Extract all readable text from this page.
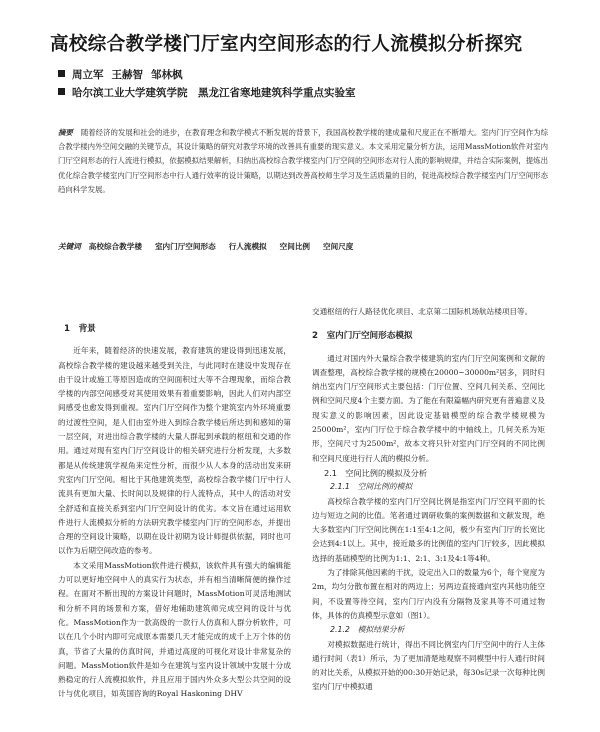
高校综合教学楼门厅室内空间形态的行人流模拟分析探究
周立军 王赫智 邹林枫
哈尔滨工业大学建筑学院　黑龙江省寒地建筑科学重点实验室
摘要 随着经济的发展和社会的进步，在教育理念和教学模式不断发展的背景下，我国高校教学楼的建成量和尺度正在不断增大。室内门厅空间作为综合教学楼内外空间交融的关键节点，其设计策略的研究对教学环境的改善具有重要的现实意义。本文采用定量分析方法，运用MassMotion软件对室内门厅空间形态的行人流进行模拟，依据模拟结果解析，归纳出高校综合教学楼室内门厅空间的空间形态对行人流的影响规律，并结合实际案例，提炼出优化综合教学楼室内门厅空间形态中行人通行效率的设计策略，以期达到改善高校师生学习及生活质量的目的，促进高校综合教学楼室内门厅空间形态趋向科学发展。
关键词 高校综合教学楼 室内门厅空间形态 行人流模拟 空间比例 空间尺度
1　背景

近年来，随着经济的快速发展，教育建筑的建设得到迅速发展，高校综合教学楼的建设越来越受到关注，与此同时在建设中发现存在由于设计或施工等原因造成的空间面积过大等不合理现象，而综合教学楼的内部空间感受对其使用效果有着重要影响，因此人们对内部空间感受也愈发得到重视。室内门厅空间作为整个建筑室内外环境重要的过渡性空间，是人们由室外进入到综合教学楼后所达到和感知的第一层空间，对进出综合教学楼的大量人群起到承载的枢纽和交通的作用。通过对现有室内门厅空间设计的相关研究进行分析发现，大多数都是从传统建筑学视角来定性分析，而很少从人本身的活动出发来研究室内门厅空间。相比于其他建筑类型，高校综合教学楼门厅中行人流具有更加大量、长时间以及规律的行人流特点，其中人的活动对安全舒适和直接关系到室内门厅空间设计的优劣。本文旨在通过运用软件进行人流模拟分析的方法研究教学楼室内门厅的空间形态，并提出合理的空间设计策略，以期在设计初期为设计师提供依据，同时也可以作为后期空间改造的参考。

本文采用MassMotion软件进行模拟，该软件具有强大的编辑能力可以更好地空间中人的真实行为状态，并有相当清晰简便的操作过程。在面对不断出现的方案设计问题时，MassMotion可灵活地测试和分析不同的场景和方案，借好地辅助建筑师完成空间的设计与优化。MassMotion作为一款高级的一款行人仿真和人群分析软件，可以在几个小时内即可完成原本需要几天才能完成的成千上万个体的仿真，节省了大量的仿真时间，并通过高度的可视化对设计非常复杂的问题。MassMotion软件是如今在建筑与室内设计领域中发展十分成熟稳定的行人流模拟软件，并且应用于国内外众多大型公共空间的设计与优化项目，如英国咨询的Royal Haskoning DHV

交通枢纽的行人路径优化项目、北京第二国际机场航站楼项目等。

2　室内门厅空间形态模拟

通过对国内外大量综合教学楼建筑的室内门厅空间案例和文献的调查整理，高校综合教学楼的规模在20000~30000m²居多，同时归纳出室内门厅空间形式主要包括：门厅位置、空间几何关系、空间比例和空间尺度4个主要方面。为了能在有限篇幅内研究更有普遍意义及现实意义的影响因素，因此设定基础模型的综合教学楼规模为25000m²，室内门厅位于综合教学楼中的中轴线上，几何关系为矩形，空间尺寸为2500m²，故本文将只针对室内门厅空间的不同比例和空间尺度进行行人流的模拟分析。

2.1　空间比例的模拟及分析
2.1.1　空间比例的模拟

高校综合教学楼的室内门厅空间比例是指室内门厅空间平面的长边与短边之间的比值。笔者通过调研收集的案例数据和文献发现，绝大多数室内门厅空间比例在1:1至4:1之间，极少有室内门厅的长宽比会达到4:1以上。其中，接近最多的比例值的室内门厅较多，因此模拟选择的基础模型的比例为1:1、2:1、3:1及4:1等4种。

为了排除其他因素的干扰，设定出入口的数量为6个，每个宽度为2m，均匀分散布置在相对的两边上；另两边直接通向室内其他功能空间，不设置等待空间，室内门厅内没有分隔物及家具等不可通过物体，具体的仿真模型示意如（图1）。

2.1.2　模拟结果分析

对模拟数据进行统计，得出不同比例室内门厅空间中的行人主体通行时间（表1）所示，为了更加清楚地观察不同模型中行人通行时间的对比关系，从模拟开始的00:30开始记录，每30s记录一次每种比例室内门厅中模拟通
